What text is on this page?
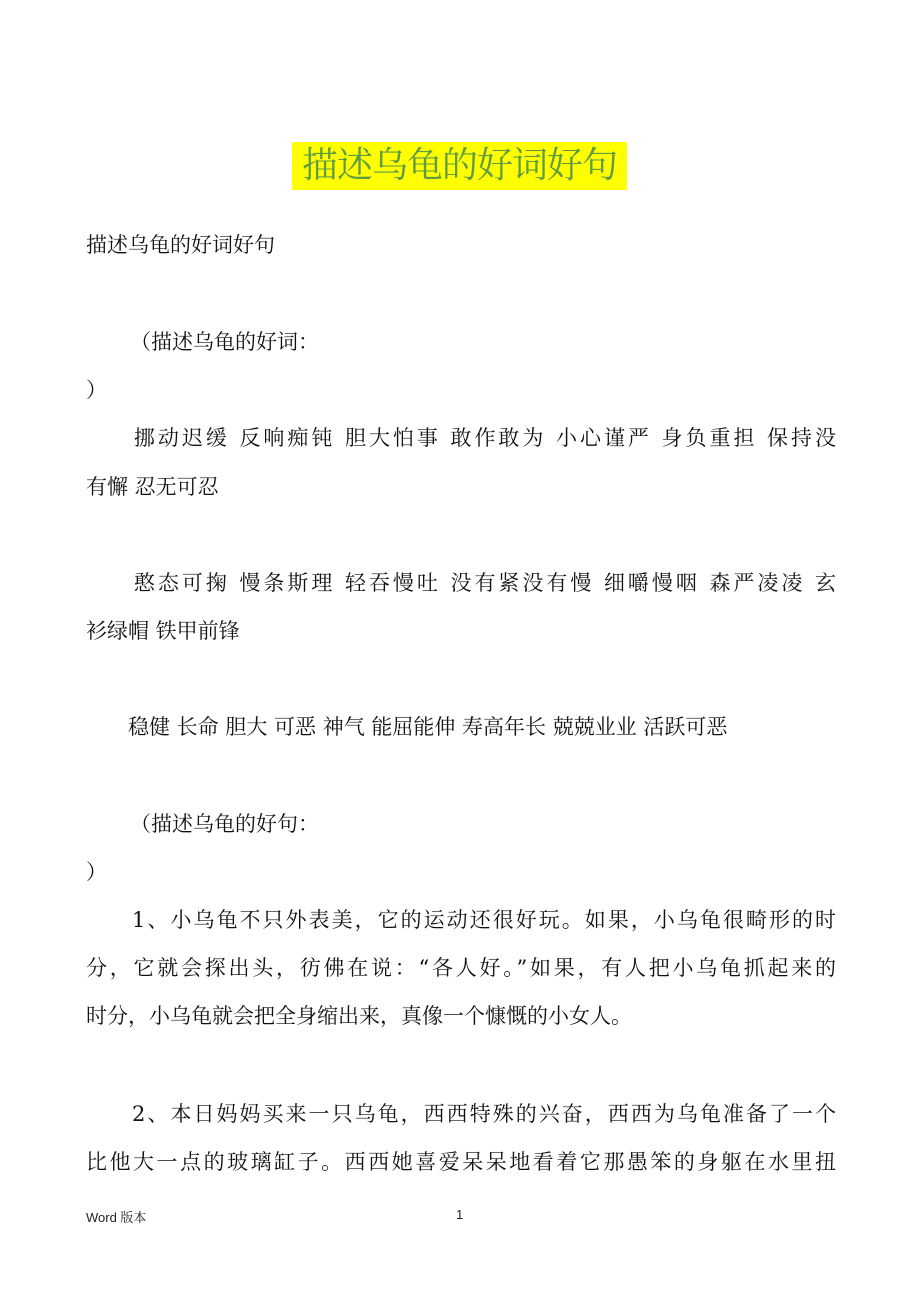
描述乌龟的好词好句
描述乌龟的好词好句
（描述乌龟的好词：
）
　　挪动迟缓 反响痴钝 胆大怕事 敢作敢为 小心谨严 身负重担 保持没
有懈 忍无可忍
　　憨态可掬 慢条斯理 轻吞慢吐 没有紧没有慢 细嚼慢咽 森严凌凌 玄
衫绿帽 铁甲前锋
　　稳健 长命 胆大 可恶 神气 能屈能伸 寿高年长 兢兢业业 活跃可恶
（描述乌龟的好句：
）
　　1、小乌龟不只外表美，它的运动还很好玩。如果，小乌龟很畸形的时
分，它就会探出头，彷佛在说：“各人好。”如果，有人把小乌龟抓起来的
时分，小乌龟就会把全身缩出来，真像一个慷慨的小女人。
　　2、本日妈妈买来一只乌龟，西西特殊的兴奋，西西为乌龟准备了一个
比他大一点的玻璃缸子。西西她喜爱呆呆地看着它那愚笨的身躯在水里扭
Word 版本	1
